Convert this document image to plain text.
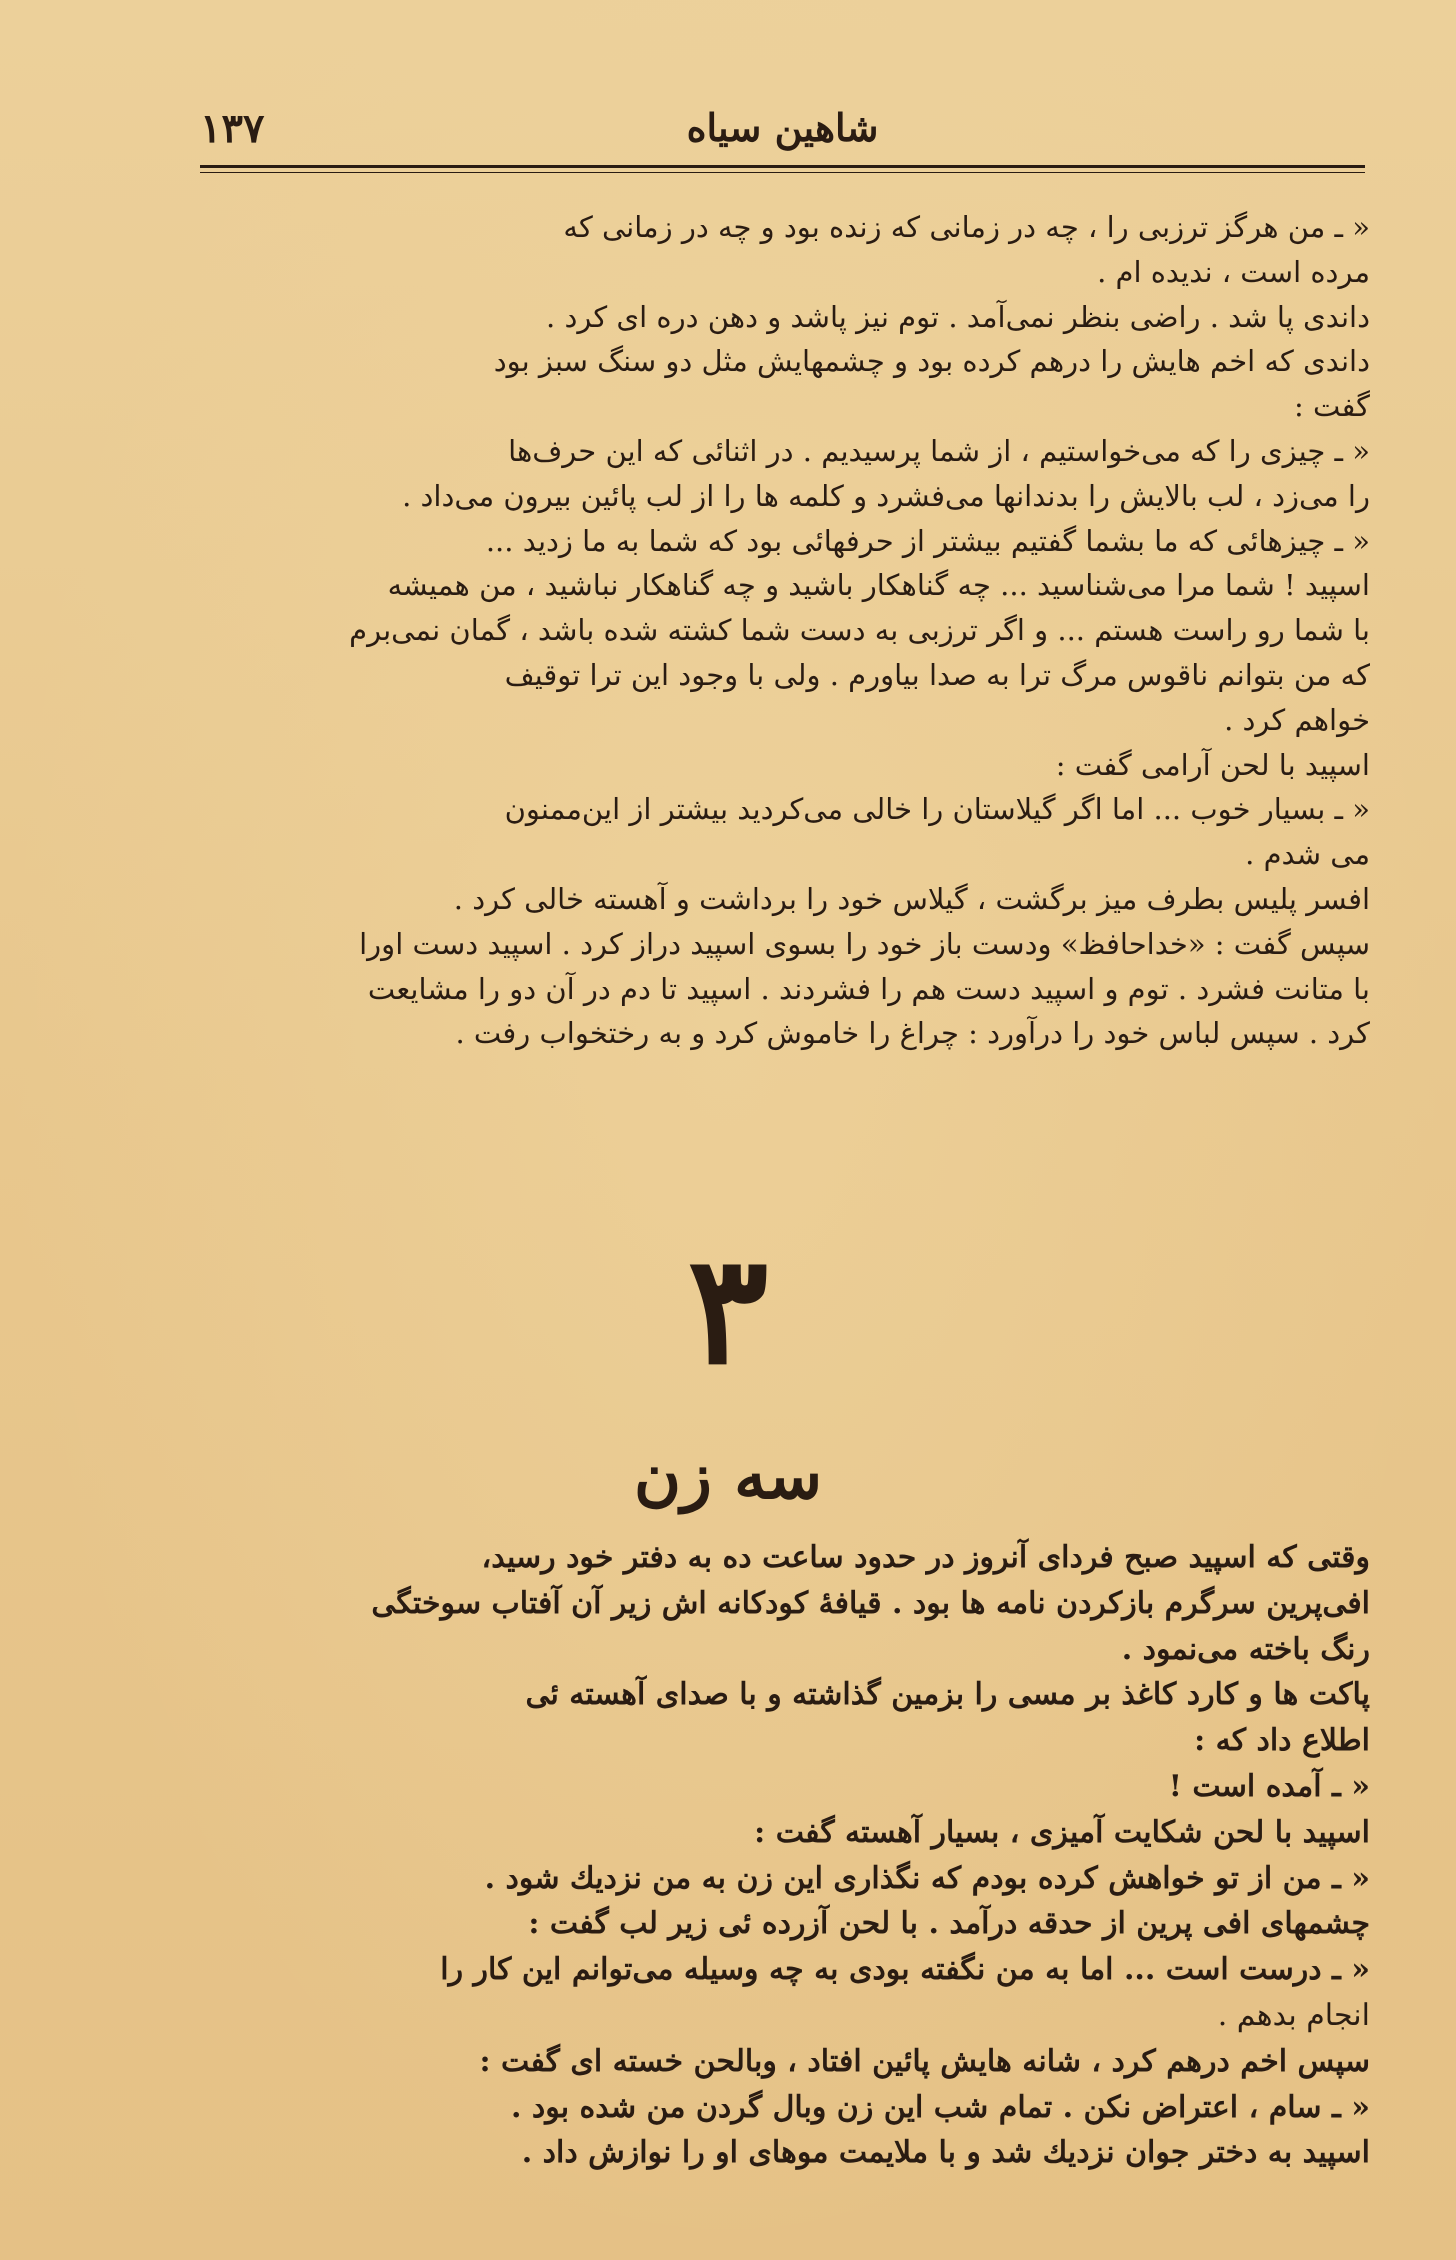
۱۳۷	شاهین سیاه

« ـ من هرگز ترزبی را ، چه در زمانی که زنده بود و چه در زمانی که

مرده است ، ندیده ام .

داندی پا شد . راضی بنظر نمی‌آمد . توم نیز پاشد و دهن دره ای کرد .

داندی که اخم هایش را درهم کرده بود و چشمهایش مثل دو سنگ سبز بود

گفت :

« ـ چیزی را که می‌خواستیم ، از شما پرسیدیم . در اثنائی که این حرف‌ها

را می‌زد ، لب بالایش را بدندانها می‌فشرد و کلمه ها را از لب پائین بیرون می‌داد .

« ـ چیزهائی که ما بشما گفتیم بیشتر از حرفهائی بود که شما به ما زدید ...

اسپید ! شما مرا می‌شناسید ... چه گناهکار باشید و چه گناهکار نباشید ، من همیشه

با شما رو راست هستم ... و اگر ترزبی به دست شما کشته شده باشد ، گمان نمی‌برم

که من بتوانم ناقوس مرگ ترا به صدا بیاورم . ولی با وجود این ترا توقیف

خواهم کرد .

اسپید با لحن آرامی گفت :

« ـ بسیار خوب ... اما اگر گیلاستان را خالی می‌کردید بیشتر از این‌ممنون

می شدم .

افسر پلیس بطرف میز برگشت ، گیلاس خود را برداشت و آهسته خالی کرد .

سپس گفت : «خداحافظ» ودست باز خود را بسوی اسپید دراز کرد . اسپید دست اورا

با متانت فشرد . توم و اسپید دست هم را فشردند . اسپید تا دم در آن دو را مشایعت

کرد . سپس لباس خود را درآورد : چراغ را خاموش کرد و به رختخواب رفت .

۳
سه زن

وقتی که اسپید صبح فردای آنروز در حدود ساعت ده به دفتر خود رسید،

افی‌پرین سرگرم بازکردن نامه ها بود . قیافهٔ کودکانه اش زیر آن آفتاب سوختگی

رنگ باخته می‌نمود .

پاکت ها و کارد کاغذ بر مسی را بزمین گذاشته و با صدای آهسته ئی

اطلاع داد که :

« ـ آمده است !

اسپید با لحن شکایت آمیزی ، بسیار آهسته گفت :

« ـ من از تو خواهش کرده بودم که نگذاری این زن به من نزدیك شود .

چشمهای افی پرین از حدقه درآمد . با لحن آزرده ئی زیر لب گفت :

« ـ درست است ... اما به من نگفته بودی به چه وسیله می‌توانم این کار را

انجام بدهم .

سپس اخم درهم کرد ، شانه هایش پائین افتاد ، وبالحن خسته ای گفت :

« ـ سام ، اعتراض نکن . تمام شب این زن وبال گردن من شده بود .

اسپید به دختر جوان نزدیك شد و با ملایمت موهای او را نوازش داد .
